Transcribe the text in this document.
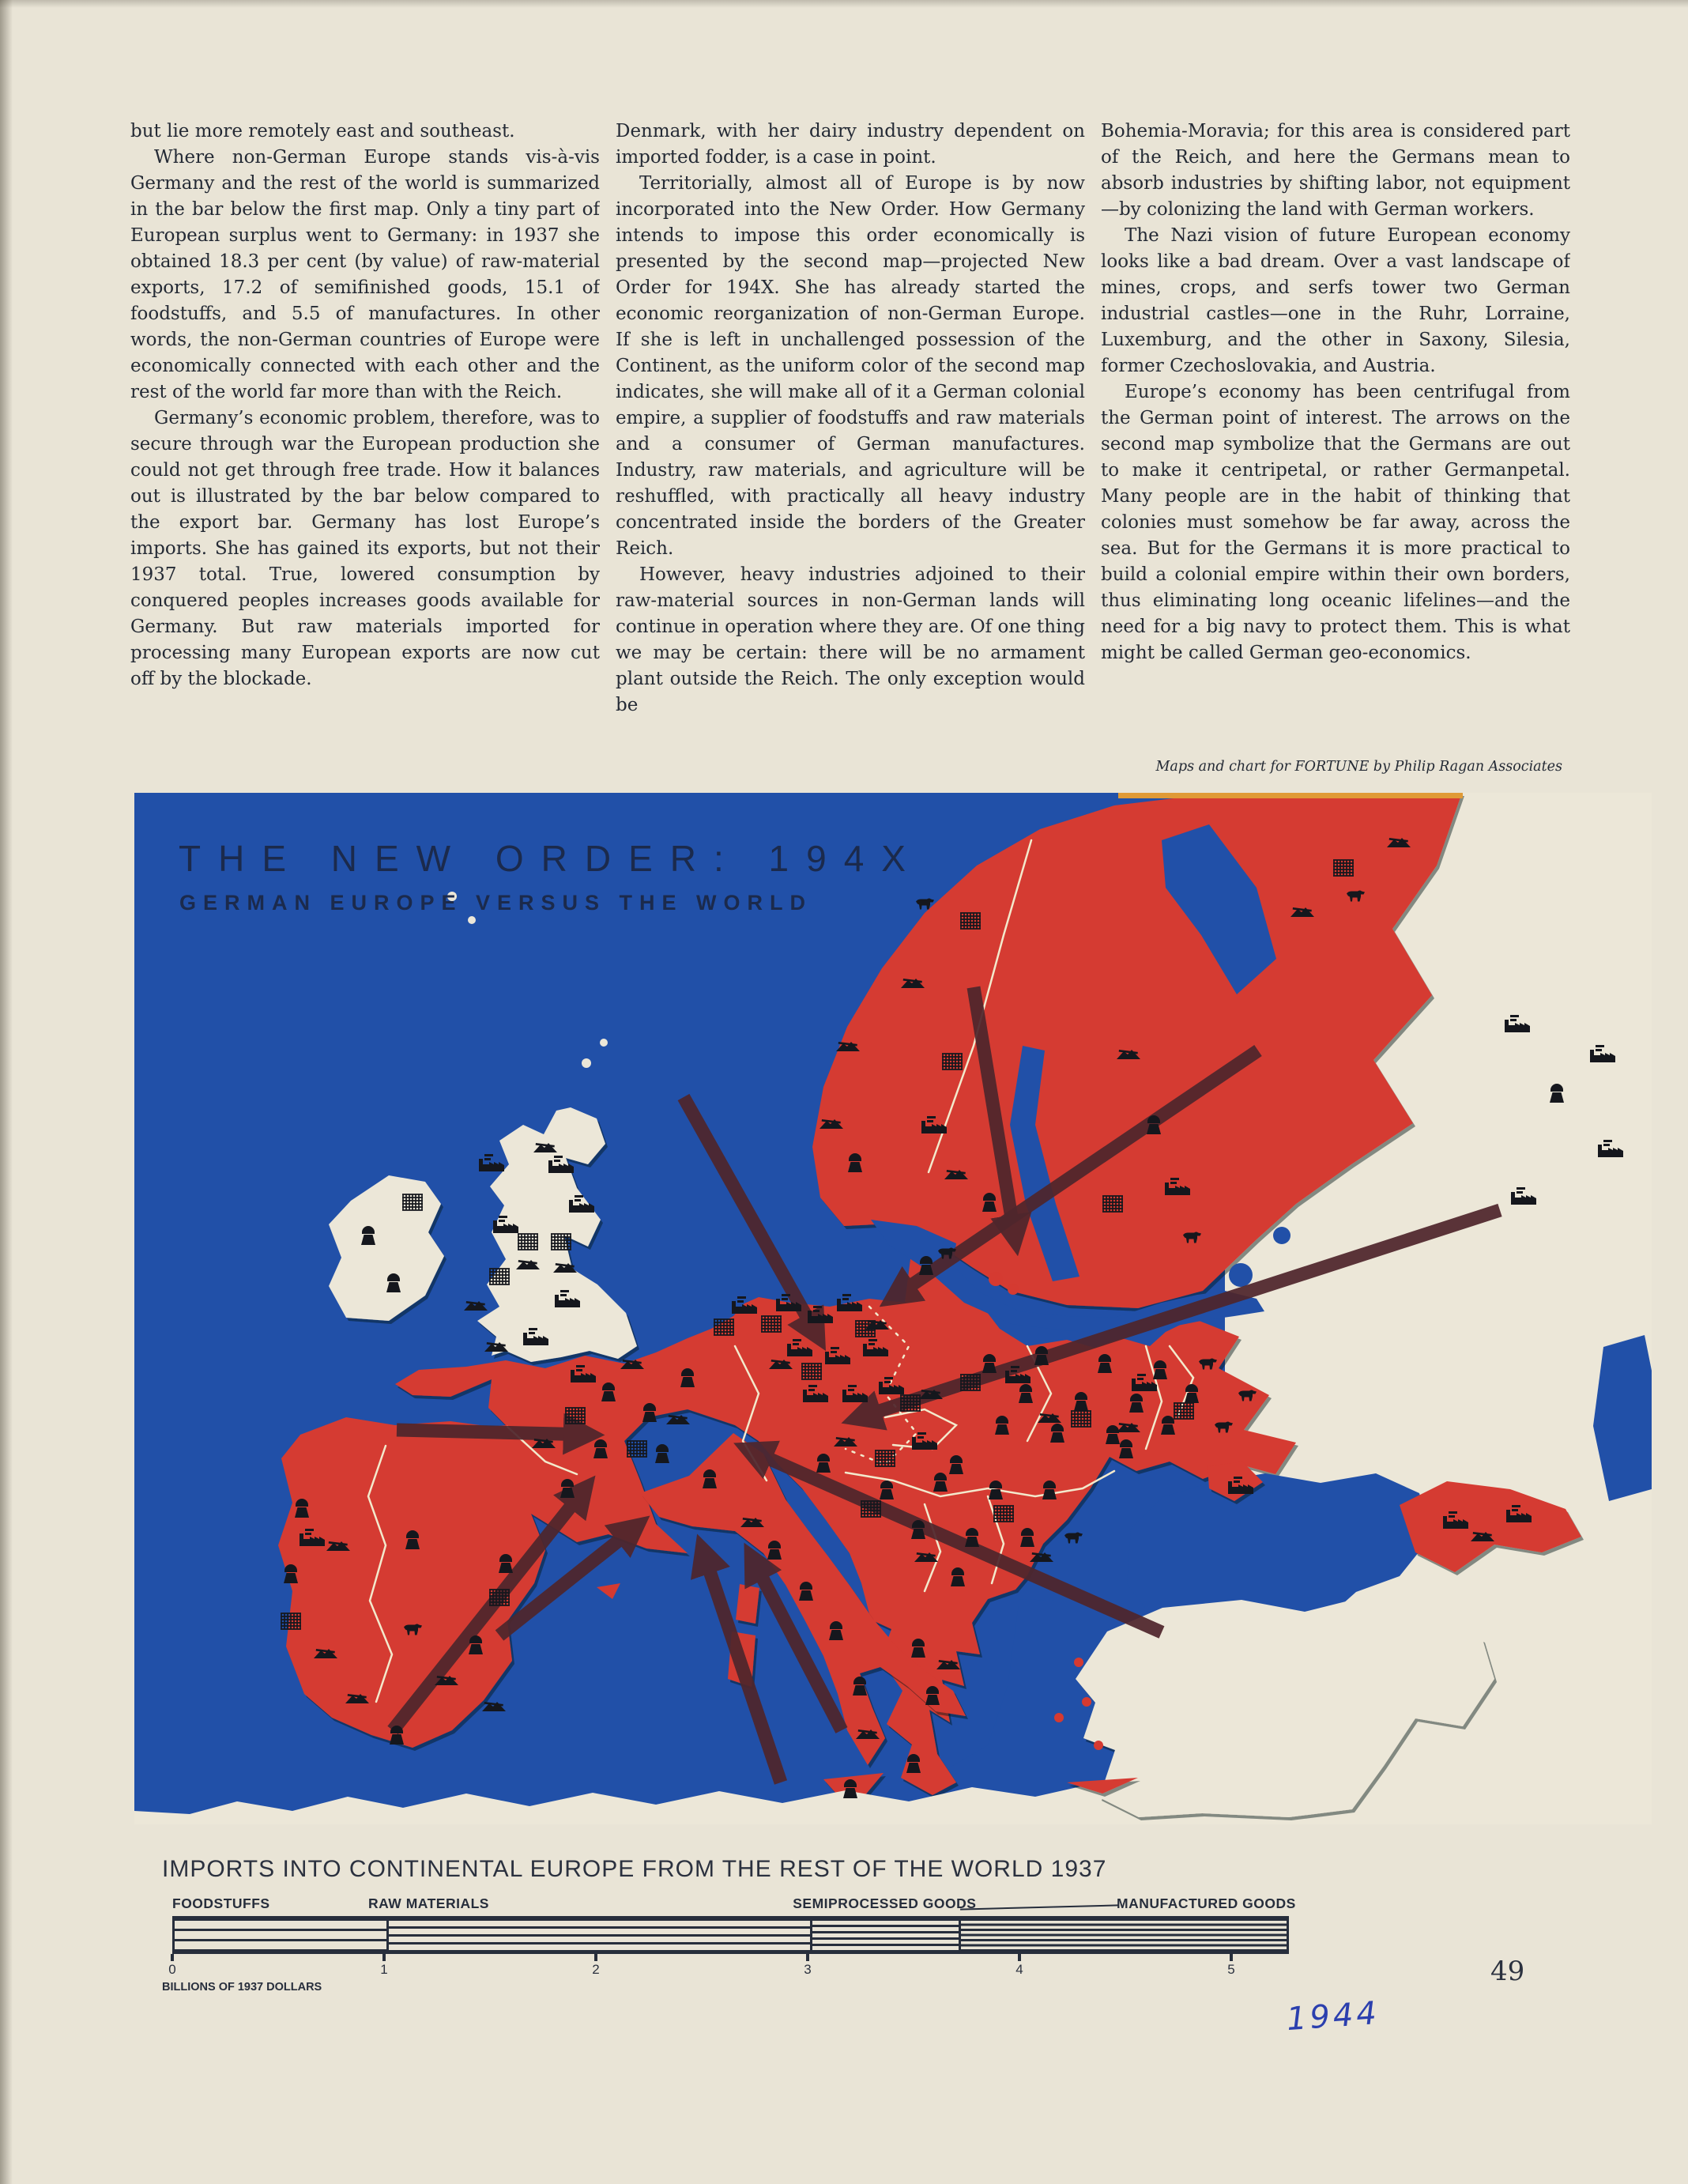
but lie more remotely east and southeast.

Where non-German Europe stands vis-à-vis Germany and the rest of the world is summarized in the bar below the first map. Only a tiny part of European surplus went to Germany: in 1937 she obtained 18.3 per cent (by value) of raw-material exports, 17.2 of semifinished goods, 15.1 of foodstuffs, and 5.5 of manufactures. In other words, the non-German countries of Europe were economically connected with each other and the rest of the world far more than with the Reich.

Germany’s economic problem, therefore, was to secure through war the European production she could not get through free trade. How it balances out is illustrated by the bar below compared to the export bar. Germany has lost Europe’s imports. She has gained its exports, but not their 1937 total. True, lowered consumption by conquered peoples increases goods available for Germany. But raw materials imported for processing many European exports are now cut off by the blockade.

Denmark, with her dairy industry dependent on imported fodder, is a case in point.

Territorially, almost all of Europe is by now incorporated into the New Order. How Germany intends to impose this order economically is presented by the second map—projected New Order for 194X. She has already started the economic reorganization of non-German Europe. If she is left in unchallenged possession of the Continent, as the uniform color of the second map indicates, she will make all of it a German colonial empire, a supplier of foodstuffs and raw materials and a consumer of German manufactures. Industry, raw materials, and agriculture will be reshuffled, with practically all heavy industry concentrated inside the borders of the Greater Reich.

However, heavy industries adjoined to their raw-material sources in non-German lands will continue in operation where they are. Of one thing we may be certain: there will be no armament plant outside the Reich. The only exception would be

Bohemia-Moravia; for this area is considered part of the Reich, and here the Germans mean to absorb industries by shifting labor, not equipment—by colonizing the land with German workers.

The Nazi vision of future European economy looks like a bad dream. Over a vast landscape of mines, crops, and serfs tower two German industrial castles—one in the Ruhr, Lorraine, Luxemburg, and the other in Saxony, Silesia, former Czechoslovakia, and Austria.

Europe’s economy has been centrifugal from the German point of interest. The arrows on the second map symbolize that the Germans are out to make it centripetal, or rather Germanpetal. Many people are in the habit of thinking that colonies must somehow be far away, across the sea. But for the Germans it is more practical to build a colonial empire within their own borders, thus eliminating long oceanic lifelines—and the need for a big navy to protect them. This is what might be called German geo-economics.

Maps and chart for FORTUNE by Philip Ragan Associates
THE NEW ORDER: 194X
GERMAN EUROPE VERSUS THE WORLD
IMPORTS INTO CONTINENTAL EUROPE FROM THE REST OF THE WORLD 1937
BILLIONS OF 1937 DOLLARS
FOODSTUFFS	RAW MATERIALS	SEMIPROCESSED GOODS	MANUFACTURED GOODS
0	1	2	3	4	5	49
1944
